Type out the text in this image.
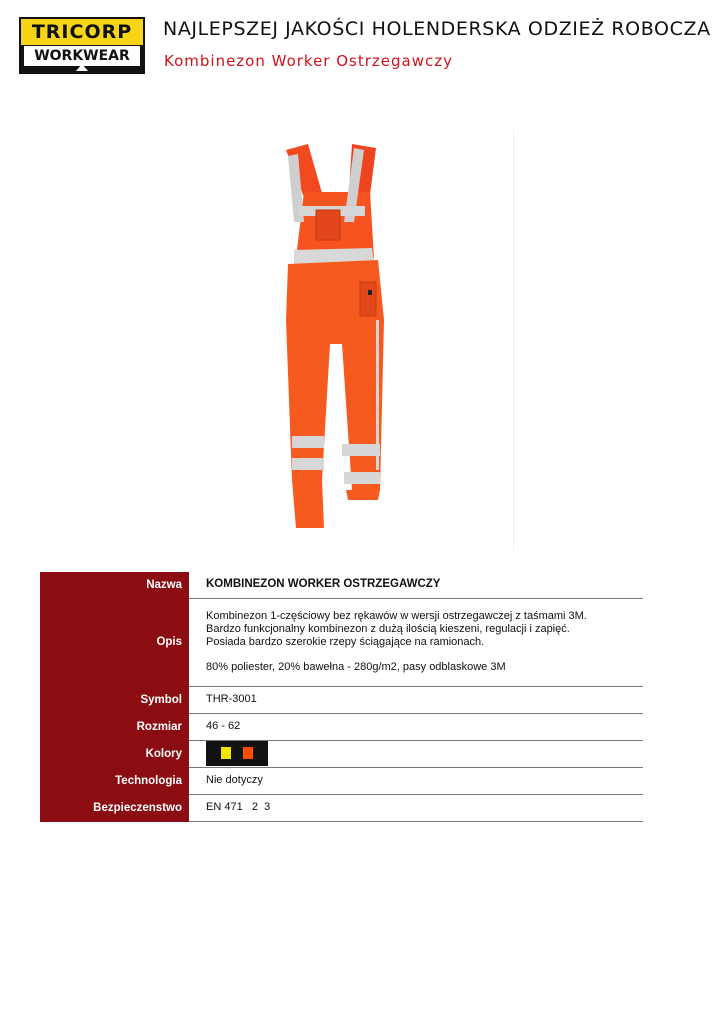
TRICORP
WORKWEAR
NAJLEPSZEJ JAKOŚCI HOLENDERSKA ODZIEŻ ROBOCZA
Kombinezon Worker Ostrzegawczy
Nazwa	KOMBINEZON WORKER OSTRZEGAWCZY
Opis	Kombinezon 1-częściowy bez rękawów w wersji ostrzegawczej z taśmami 3M.
Bardzo funkcjonalny kombinezon z dużą ilością kieszeni, regulacji i zapięć.
Posiada bardzo szerokie rzepy ściągające na ramionach.
80% poliester, 20% bawełna - 280g/m2, pasy odblaskowe 3M

Symbol	THR-3001
Rozmiar	46 - 62
Kolory	

Technologia	Nie dotyczy
Bezpieczenstwo	EN 471   2  3
